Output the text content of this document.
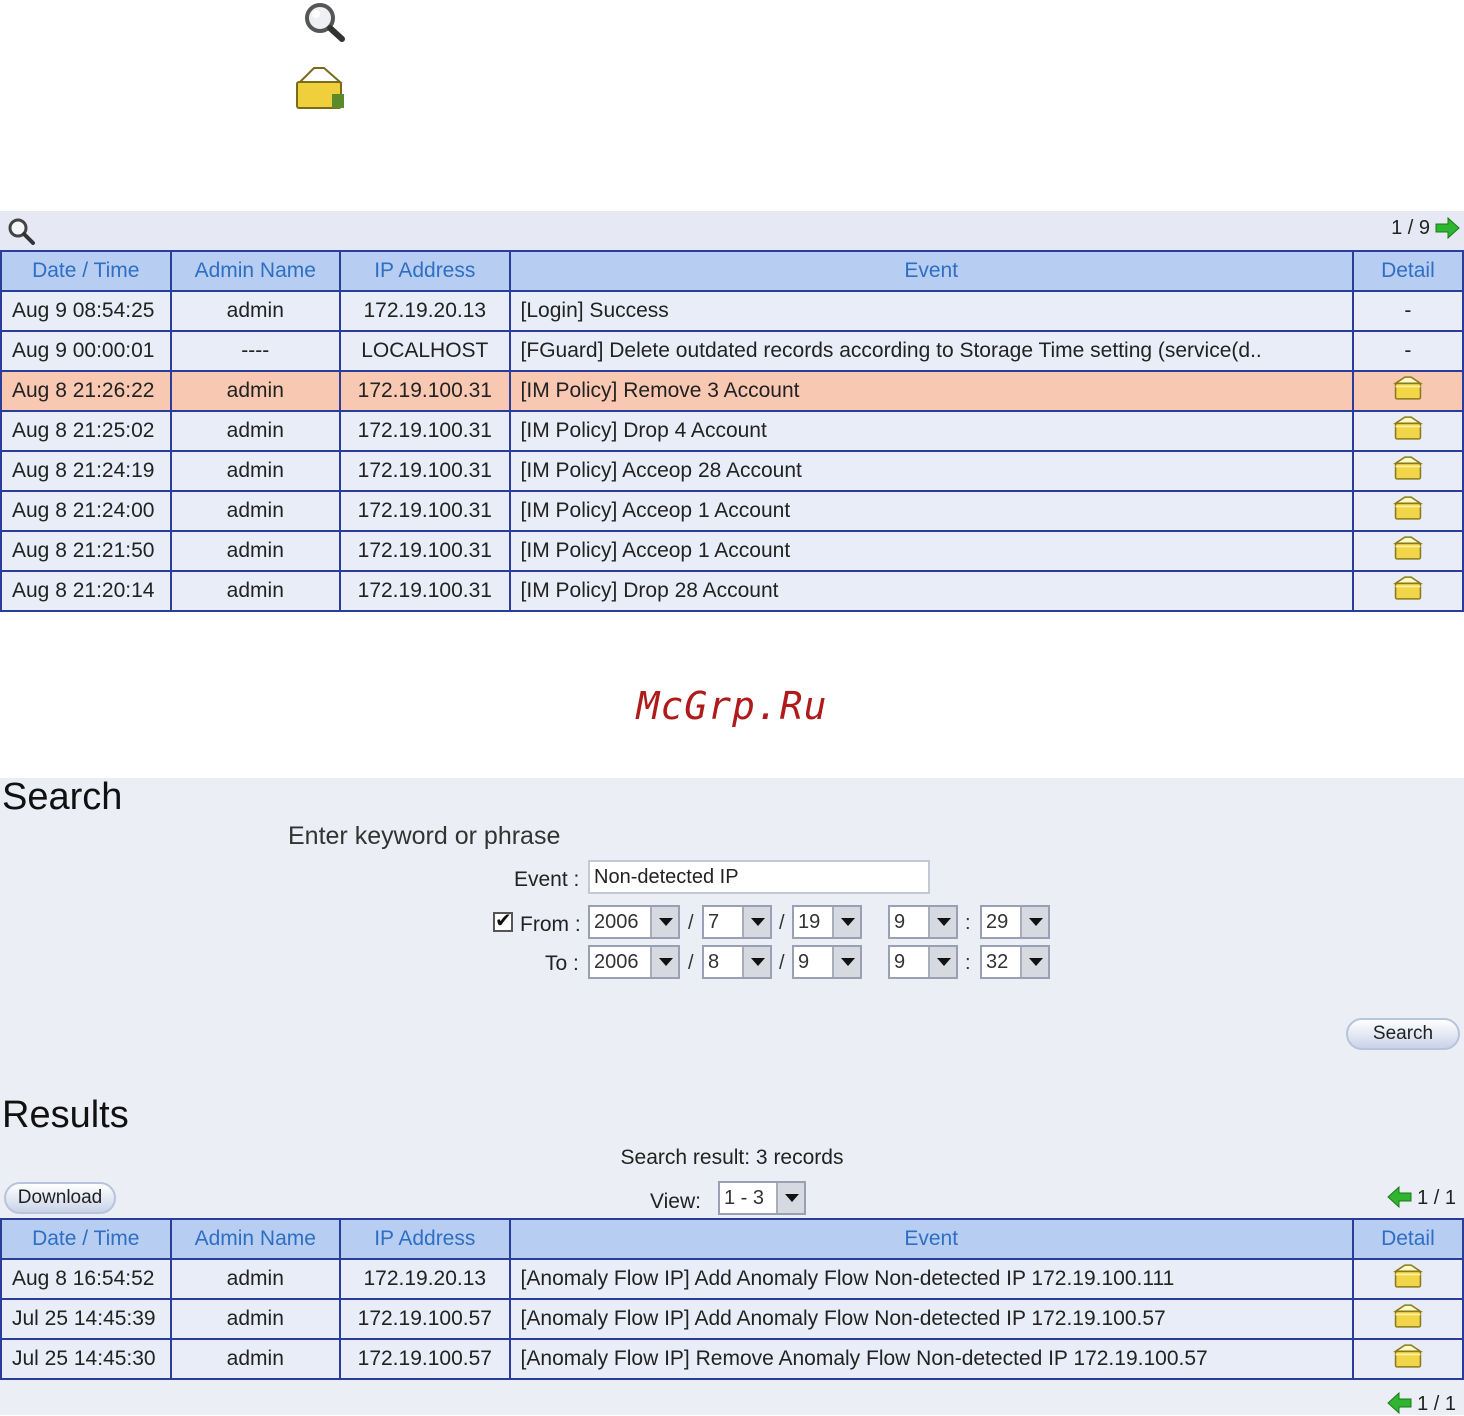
1 / 9
Date / Time	Admin Name	IP Address	Event	Detail
Aug 9 08:54:25	admin	172.19.20.13	[Login] Success	-
Aug 9 00:00:01	----	LOCALHOST	[FGuard] Delete outdated records according to Storage Time setting (service(d..	-
Aug 8 21:26:22	admin	172.19.100.31	[IM Policy] Remove 3 Account	
Aug 8 21:25:02	admin	172.19.100.31	[IM Policy] Drop 4 Account	
Aug 8 21:24:19	admin	172.19.100.31	[IM Policy] Acceop 28 Account	
Aug 8 21:24:00	admin	172.19.100.31	[IM Policy] Acceop 1 Account	
Aug 8 21:21:50	admin	172.19.100.31	[IM Policy] Acceop 1 Account	
Aug 8 21:20:14	admin	172.19.100.31	[IM Policy] Drop 28 Account	
McGrp.Ru
Search
Enter keyword or phrase
Event :
Non-detected IP
✔ From :
To :
2006 / 7	/ 19	9	: 29
2006 / 8	/ 9	9	: 32
Search
Results
Search result: 3 records
Download	View: 1 - 3	1 / 1
Date / Time	Admin Name	IP Address	Event	Detail
Aug 8 16:54:52	admin	172.19.20.13	[Anomaly Flow IP] Add Anomaly Flow Non-detected IP 172.19.100.111	
Jul 25 14:45:39	admin	172.19.100.57	[Anomaly Flow IP] Add Anomaly Flow Non-detected IP 172.19.100.57	
Jul 25 14:45:30	admin	172.19.100.57	[Anomaly Flow IP] Remove Anomaly Flow Non-detected IP 172.19.100.57	
1 / 1
